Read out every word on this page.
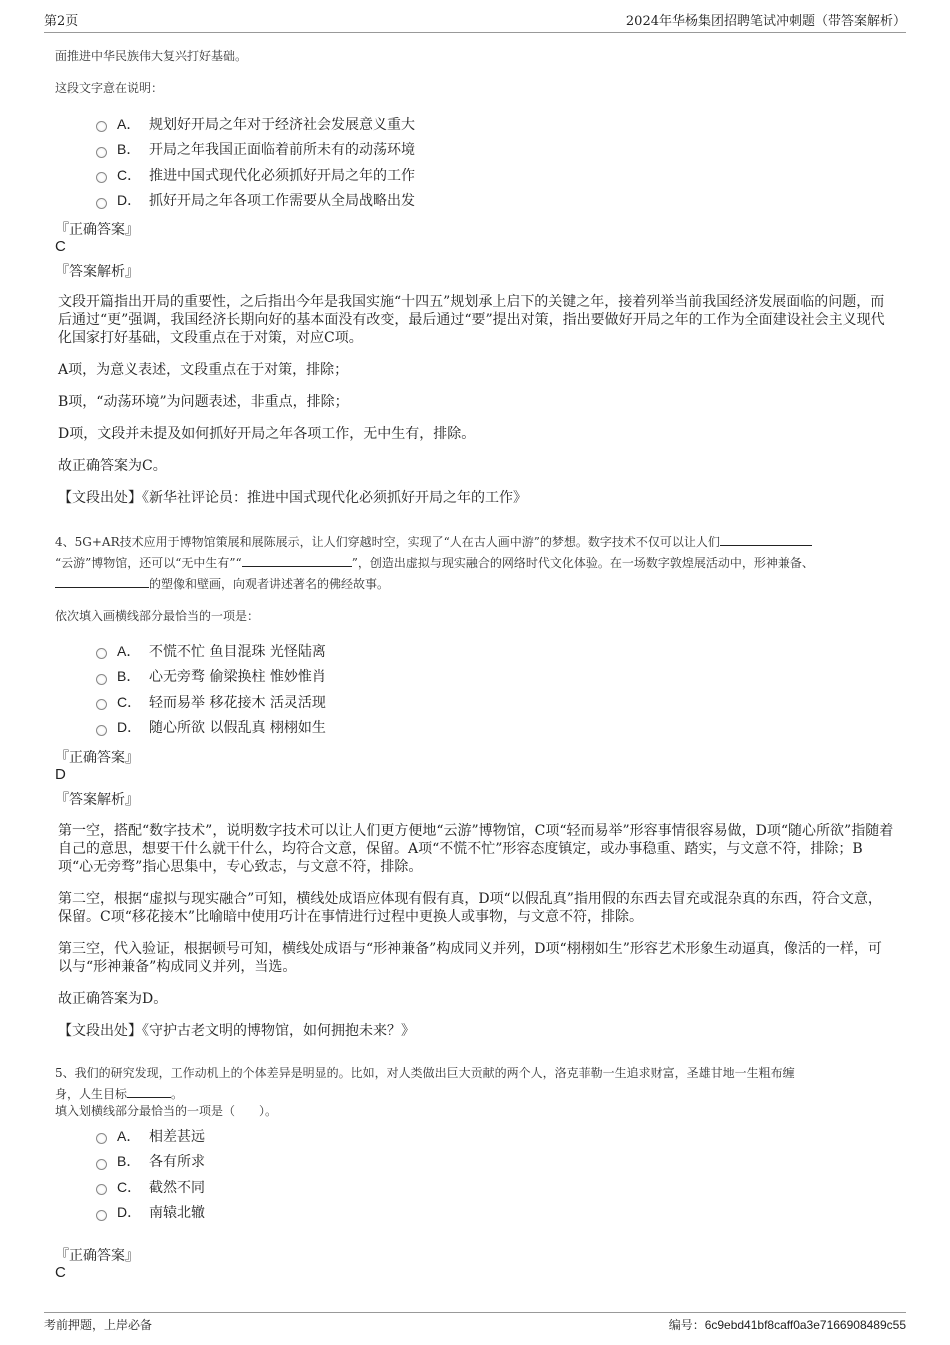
第2页	2024年华杨集团招聘笔试冲刺题（带答案解析）
面推进中华民族伟大复兴打好基础。
这段文字意在说明：
A． 规划好开局之年对于经济社会发展意义重大
B． 开局之年我国正面临着前所未有的动荡环境
C． 推进中国式现代化必须抓好开局之年的工作
D． 抓好开局之年各项工作需要从全局战略出发
『正确答案』
C
『答案解析』
文段开篇指出开局的重要性，之后指出今年是我国实施“十四五”规划承上启下的关键之年，接着列举当前我国经济发展面临的问题，而后通过“更”强调，我国经济长期向好的基本面没有改变，最后通过“要”提出对策，指出要做好开局之年的工作为全面建设社会主义现代化国家打好基础，文段重点在于对策，对应C项。
A项，为意义表述，文段重点在于对策，排除；
B项，“动荡环境”为问题表述，非重点，排除；
D项，文段并未提及如何抓好开局之年各项工作，无中生有，排除。
故正确答案为C。
【文段出处】《新华社评论员：推进中国式现代化必须抓好开局之年的工作》
4、5G+AR技术应用于博物馆策展和展陈展示，让人们穿越时空，实现了“人在古人画中游”的梦想。数字技术不仅可以让人们
“云游”博物馆，还可以“无中生有”“	”，创造出虚拟与现实融合的网络时代文化体验。在一场数字敦煌展活动中，形神兼备、
的塑像和壁画，向观者讲述著名的佛经故事。
依次填入画横线部分最恰当的一项是：
A． 不慌不忙 鱼目混珠 光怪陆离
B． 心无旁骛 偷梁换柱 惟妙惟肖
C． 轻而易举 移花接木 活灵活现
D． 随心所欲 以假乱真 栩栩如生
『正确答案』
D
『答案解析』
第一空，搭配“数字技术”，说明数字技术可以让人们更方便地“云游”博物馆，C项“轻而易举”形容事情很容易做，D项“随心所欲”指随着自己的意思，想要干什么就干什么，均符合文意，保留。A项“不慌不忙”形容态度镇定，或办事稳重、踏实，与文意不符，排除；B项“心无旁骛”指心思集中，专心致志，与文意不符，排除。
第二空，根据“虚拟与现实融合”可知，横线处成语应体现有假有真，D项“以假乱真”指用假的东西去冒充或混杂真的东西，符合文意，保留。C项“移花接木”比喻暗中使用巧计在事情进行过程中更换人或事物，与文意不符，排除。
第三空，代入验证，根据顿号可知，横线处成语与“形神兼备”构成同义并列，D项“栩栩如生”形容艺术形象生动逼真，像活的一样，可以与“形神兼备”构成同义并列，当选。
故正确答案为D。
【文段出处】《守护古老文明的博物馆，如何拥抱未来？》
5、我们的研究发现，工作动机上的个体差异是明显的。比如，对人类做出巨大贡献的两个人，洛克菲勒一生追求财富，圣雄甘地一生粗布缠
身，人生目标	。
填入划横线部分最恰当的一项是（　　）。
A． 相差甚远
B． 各有所求
C． 截然不同
D． 南辕北辙
『正确答案』
C
考前押题，上岸必备	编号：6c9ebd41bf8caff0a3e7166908489c55
